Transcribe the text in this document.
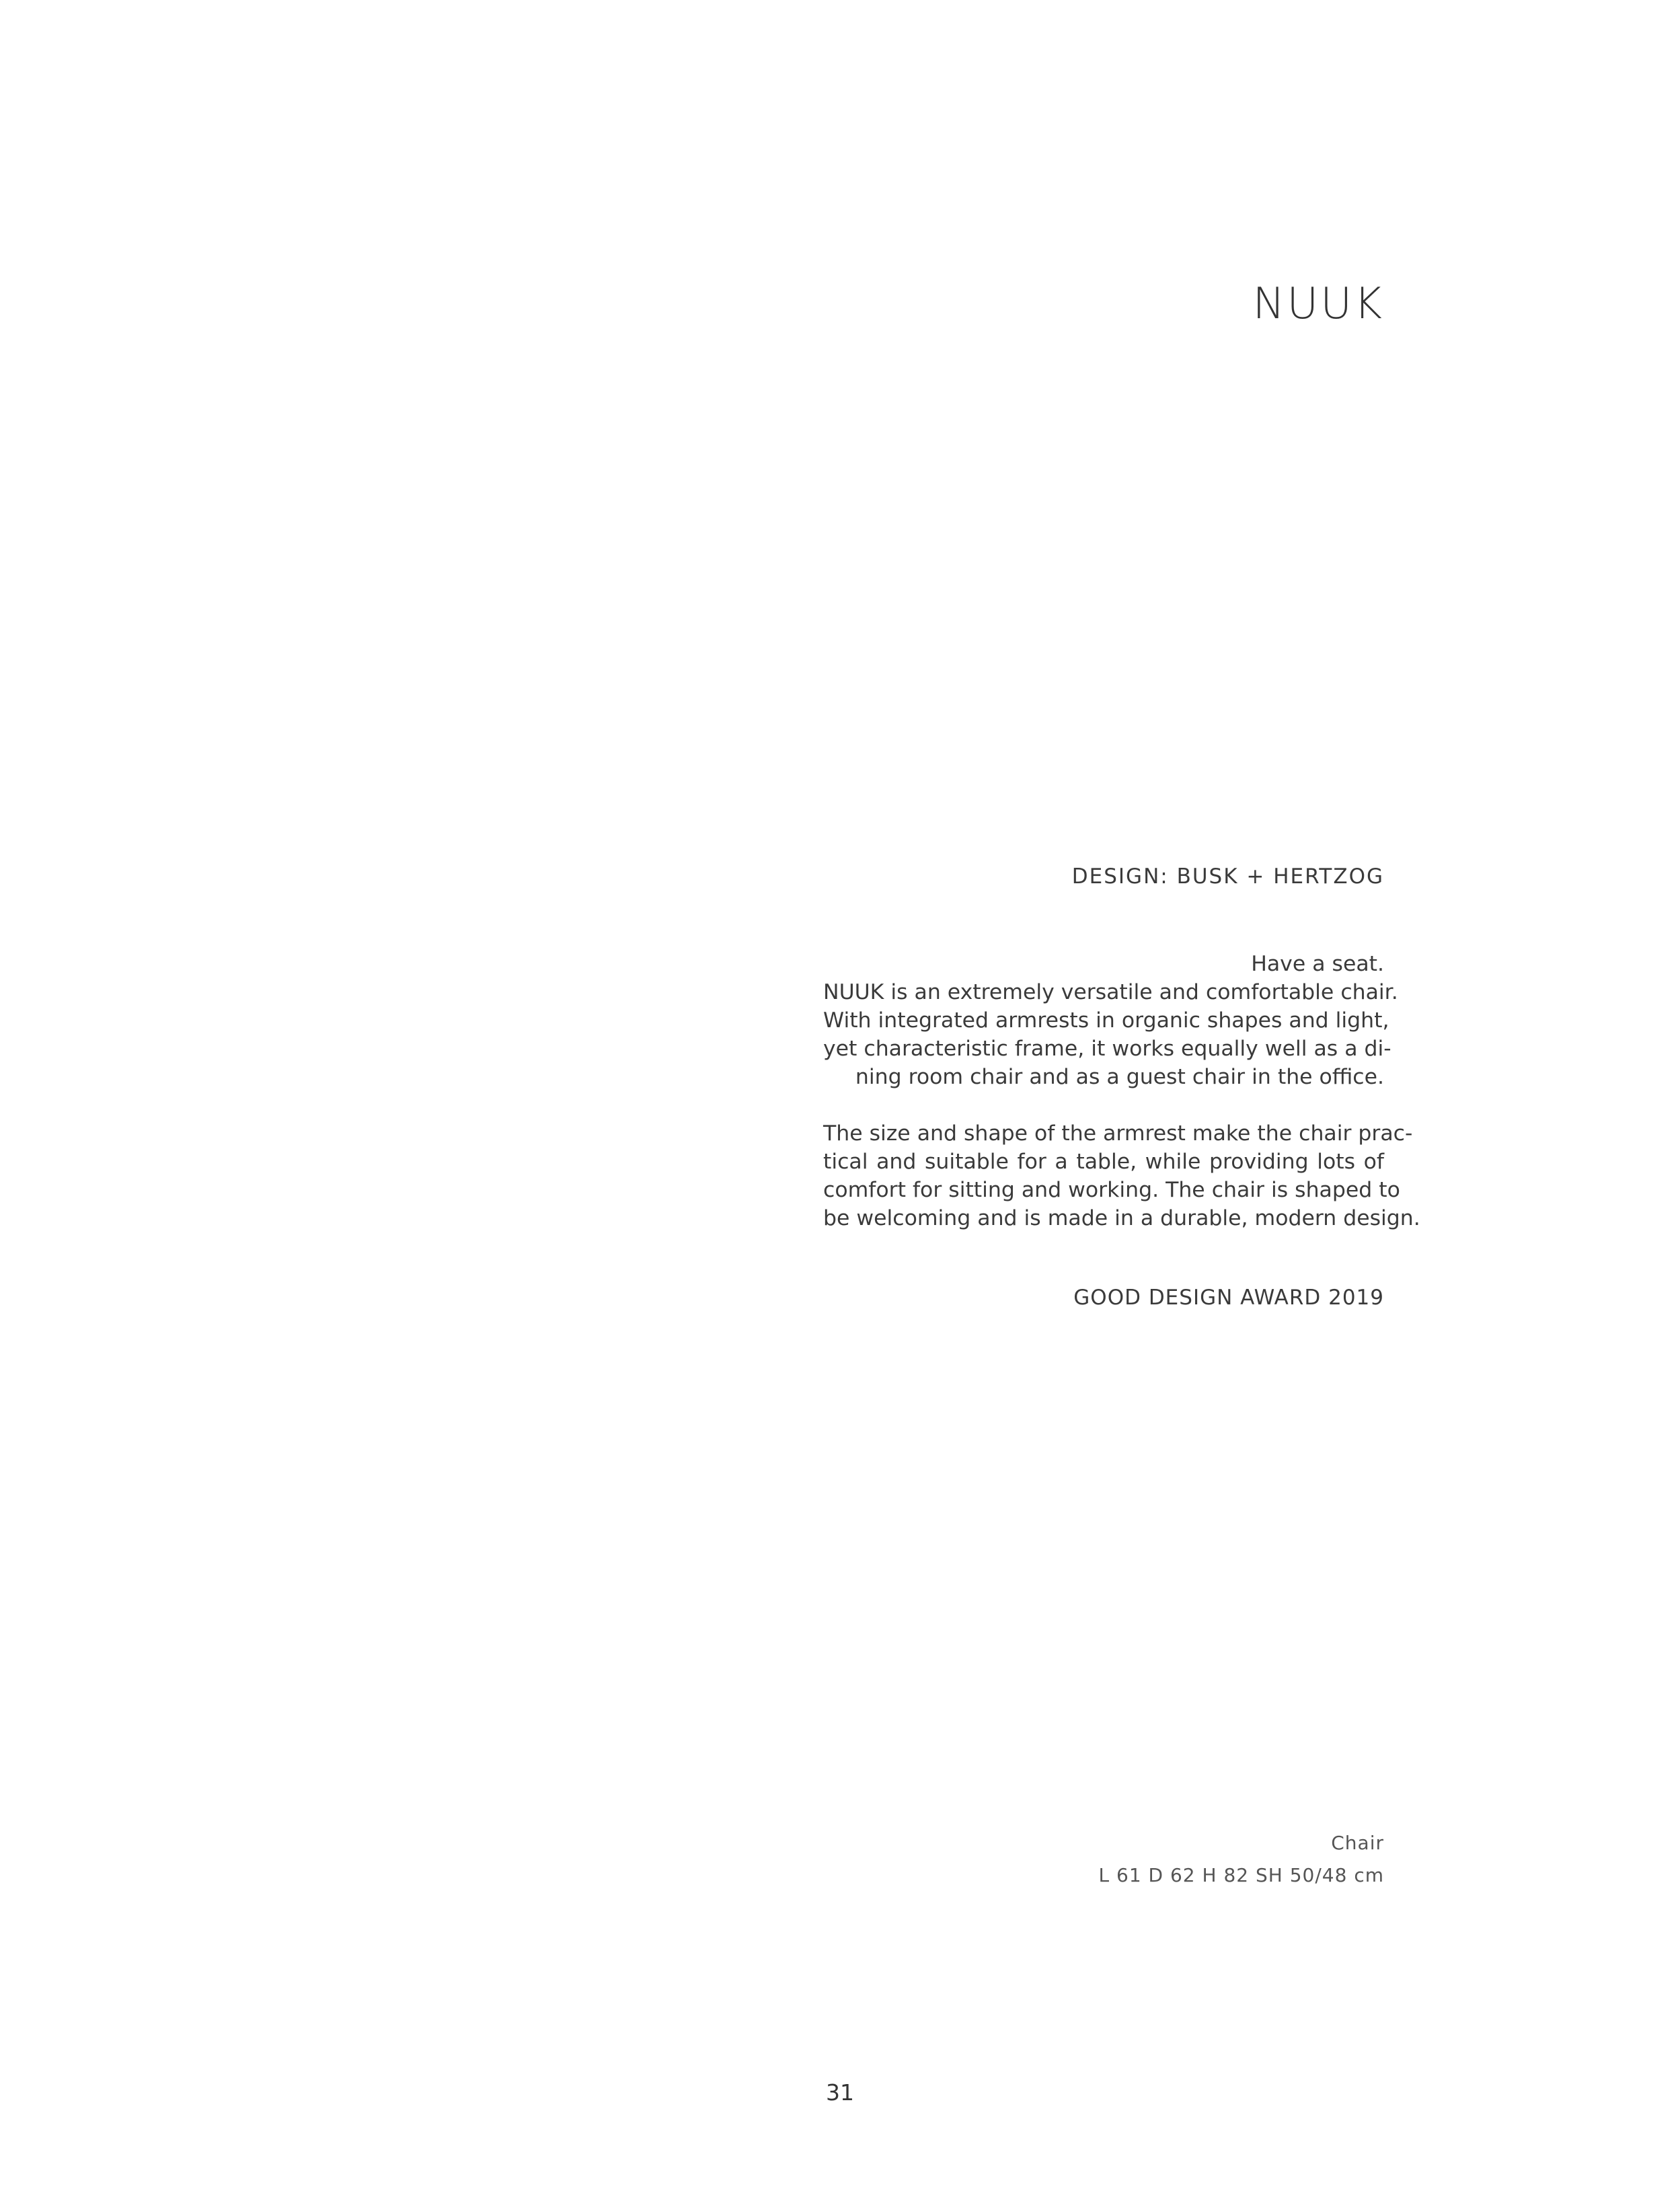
NUUK
DESIGN: BUSK + HERTZOG
Have a seat.
NUUK is an extremely versatile and comfortable chair.
With integrated armrests in organic shapes and light,
yet characteristic frame, it works equally well as a di-
ning room chair and as a guest chair in the office.
The size and shape of the armrest make the chair prac-
tical and suitable for a table, while providing lots of
comfort for sitting and working. The chair is shaped to
be welcoming and is made in a durable, modern design.
GOOD DESIGN AWARD 2019
Chair
L 61 D 62 H 82 SH 50/48 cm
31
